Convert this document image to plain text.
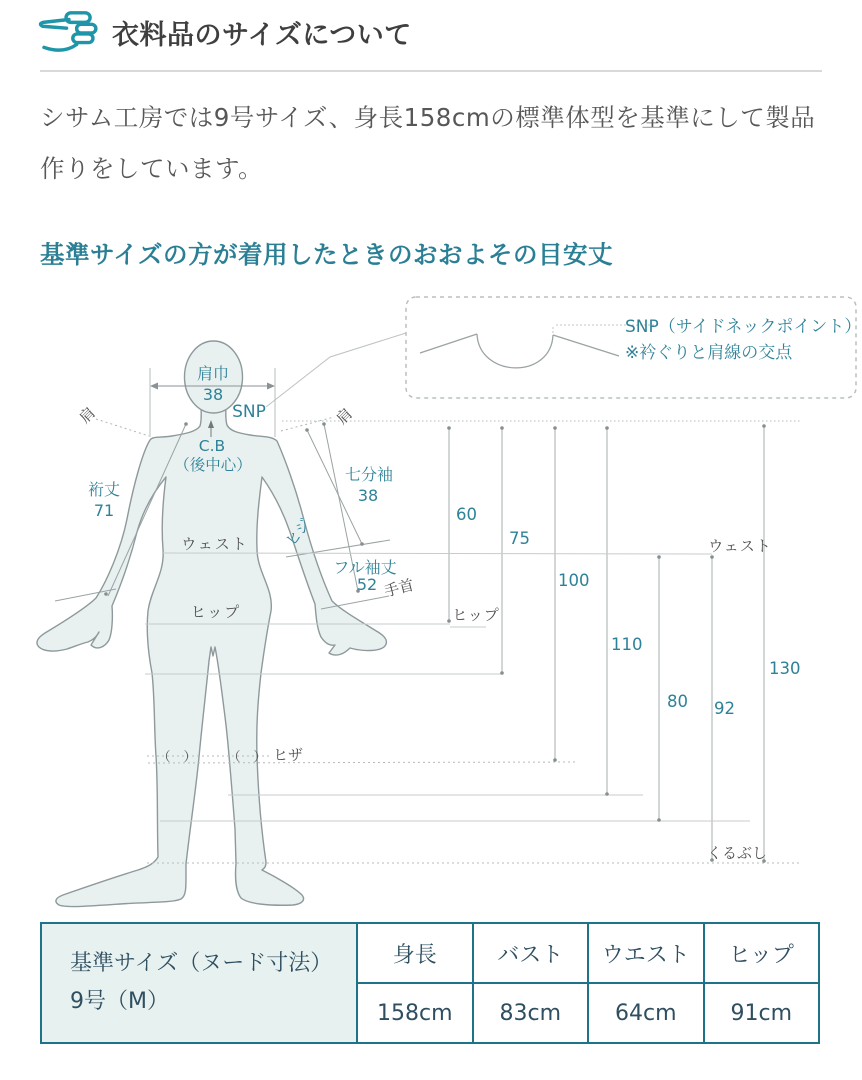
衣料品のサイズについて
シサム工房では9号サイズ、身長158cmの標準体型を基準にして製品作りをしています。
基準サイズの方が着用したときのおおよその目安丈
SNP（サイドネックポイント）
※衿ぐりと肩線の交点
肩巾
38
SNP
C.B
（後中心）
肩	肩
裄丈
71
七分袖
38
ヒジ
フル袖丈
52 手首
ウェスト
ヒップ
ウェスト
ヒップ
ヒザ
（　） （　）
くるぶし
60
75
100
110
80 92
130
基準サイズ（ヌード寸法）9号（M）	身長	バスト	ウエスト	ヒップ
	158cm	83cm	64cm	91cm
